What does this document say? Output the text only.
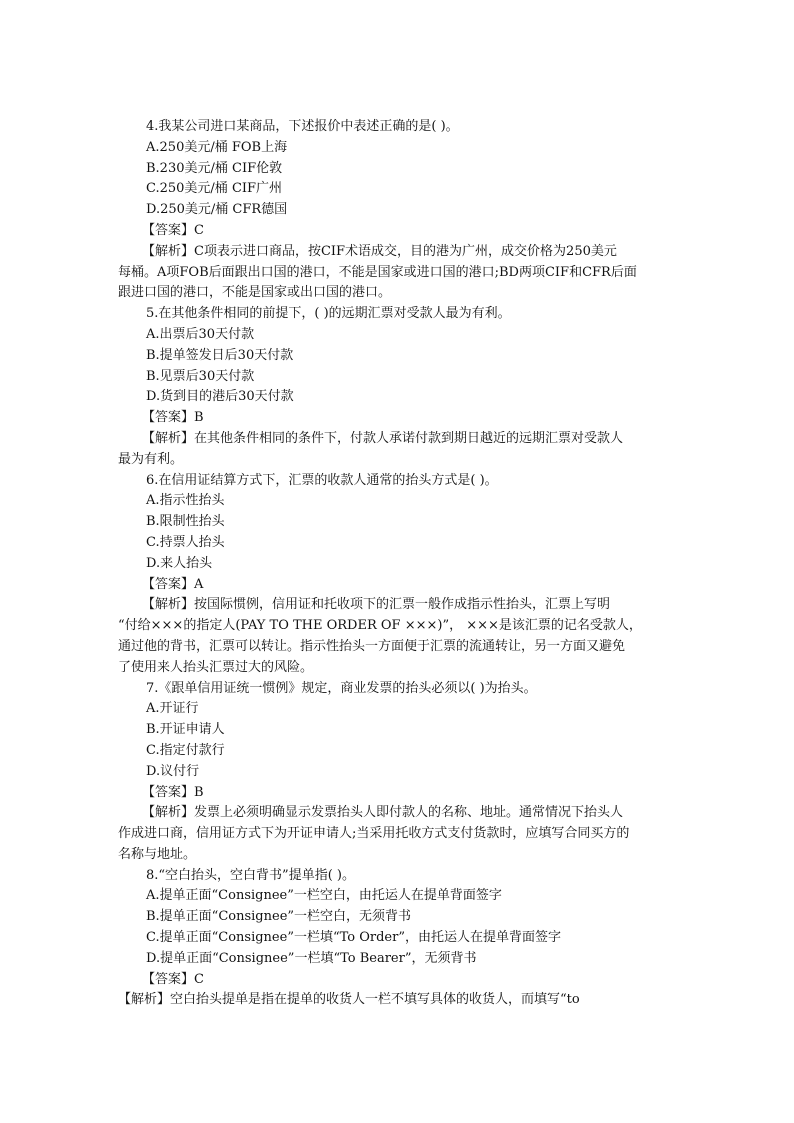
4.我某公司进口某商品，下述报价中表述正确的是( )。

A.250美元/桶 FOB上海

B.230美元/桶 CIF伦敦

C.250美元/桶 CIF广州

D.250美元/桶 CFR德国

【答案】C

【解析】C项表示进口商品，按CIF术语成交，目的港为广州，成交价格为250美元

每桶。A项FOB后面跟出口国的港口，不能是国家或进口国的港口;BD两项CIF和CFR后面

跟进口国的港口，不能是国家或出口国的港口。

5.在其他条件相同的前提下，( )的远期汇票对受款人最为有利。

A.出票后30天付款

B.提单签发日后30天付款

B.见票后30天付款

D.货到目的港后30天付款

【答案】B

【解析】在其他条件相同的条件下，付款人承诺付款到期日越近的远期汇票对受款人

最为有利。

6.在信用证结算方式下，汇票的收款人通常的抬头方式是( )。

A.指示性抬头

B.限制性抬头

C.持票人抬头

D.来人抬头

【答案】A

【解析】按国际惯例，信用证和托收项下的汇票一般作成指示性抬头，汇票上写明

“付给×××的指定人(PAY TO THE ORDER OF ×××)”， ×××是该汇票的记名受款人，

通过他的背书，汇票可以转让。指示性抬头一方面便于汇票的流通转让，另一方面又避免

了使用来人抬头汇票过大的风险。

7.《跟单信用证统一惯例》规定，商业发票的抬头必须以( )为抬头。

A.开证行

B.开证申请人

C.指定付款行

D.议付行

【答案】B

【解析】发票上必须明确显示发票抬头人即付款人的名称、地址。通常情况下抬头人

作成进口商，信用证方式下为开证申请人;当采用托收方式支付货款时，应填写合同买方的

名称与地址。

8.“空白抬头，空白背书”提单指( )。

A.提单正面“Consignee”一栏空白，由托运人在提单背面签字

B.提单正面“Consignee”一栏空白，无须背书

C.提单正面“Consignee”一栏填“To Order”，由托运人在提单背面签字

D.提单正面“Consignee”一栏填“To Bearer”，无须背书

【答案】C

【解析】空白抬头提单是指在提单的收货人一栏不填写具体的收货人，而填写“to
